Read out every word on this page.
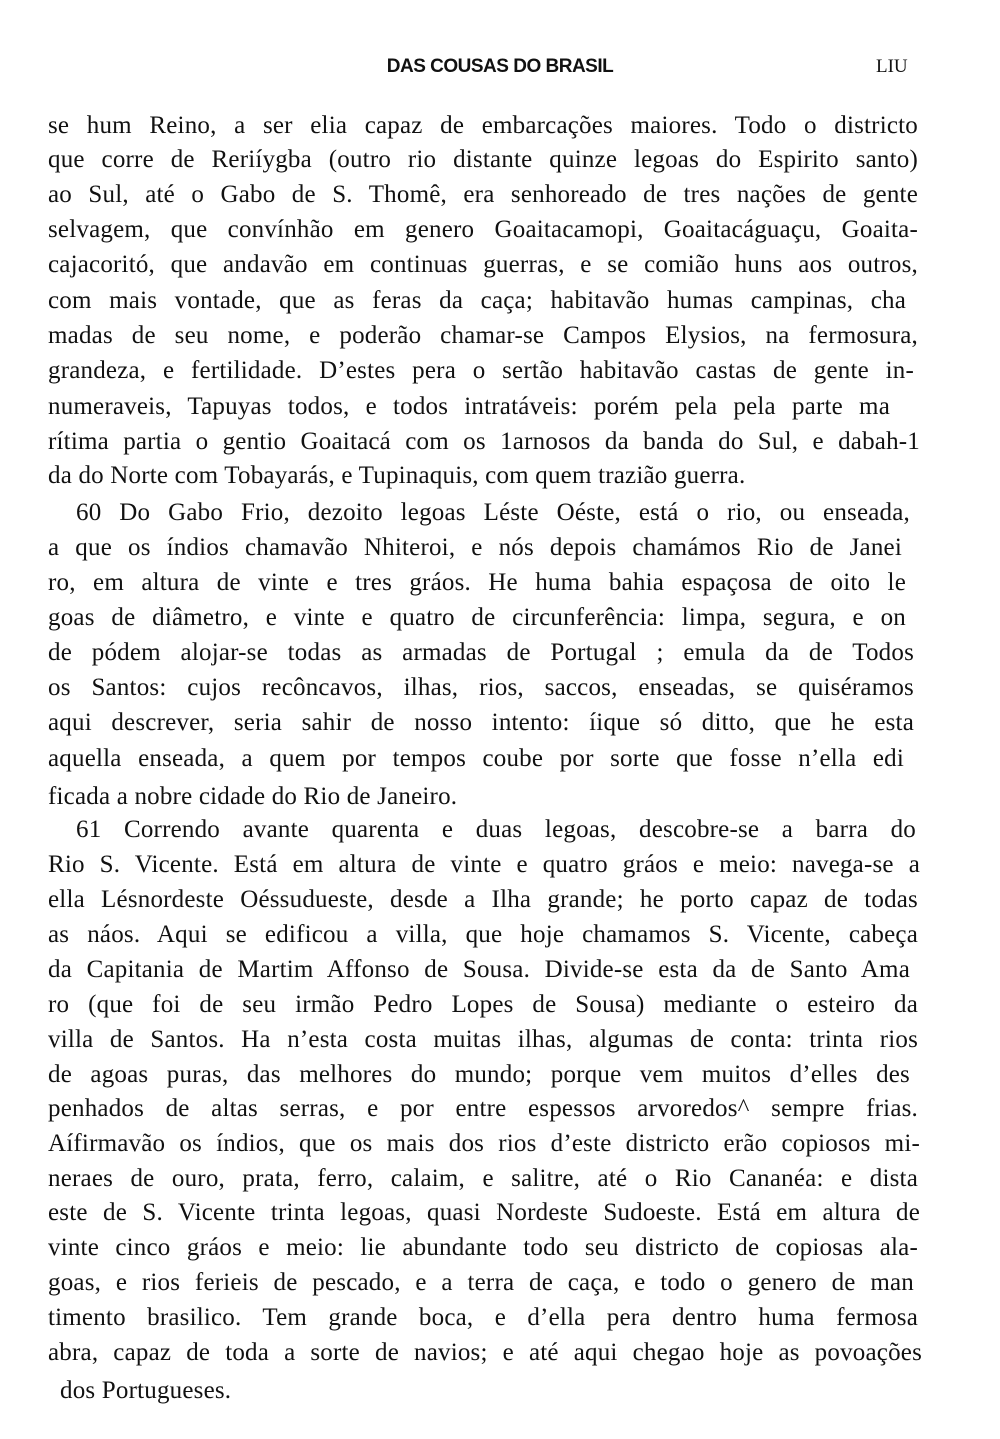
DAS COUSAS DO BRASIL	LIU
se hum Reino, a ser elia capaz de embarcações maiores. Todo o districto
que corre de Reriíygba (outro rio distante quinze legoas do Espirito santo)
ao Sul, até o Gabo de S. Thomê, era senhoreado de tres nações de gente
selvagem, que convínhão em genero Goaitacamopi, Goaitacáguaçu, Goaita-
cajacoritó, que andavão em continuas guerras, e se comião huns aos outros,
com mais vontade, que as feras da caça; habitavão humas campinas, cha
madas de seu nome, e poderão chamar-se Campos Elysios, na fermosura,
grandeza, e fertilidade. D’estes pera o sertão habitavão castas de gente in-
numeraveis, Tapuyas todos, e todos intratáveis: porém pela pela parte ma
rítima partia o gentio Goaitacá com os 1arnosos da banda do Sul, e dabah-1
da do Norte com Tobayarás, e Tupinaquis, com quem trazião guerra.
60 Do Gabo Frio, dezoito legoas Léste Oéste, está o rio, ou enseada,
a que os índios chamavão Nhiteroi, e nós depois chamámos Rio de Janei
ro, em altura de vinte e tres gráos. He huma bahia espaçosa de oito le
goas de diâmetro, e vinte e quatro de circunferência: limpa, segura, e on
de pódem alojar-se todas as armadas de Portugal ; emula da de Todos
os Santos: cujos recôncavos, ilhas, rios, saccos, enseadas, se quiséramos
aqui descrever, seria sahir de nosso intento: íique só ditto, que he esta
aquella enseada, a quem por tempos coube por sorte que fosse n’ella edi
ficada a nobre cidade do Rio de Janeiro.
61 Correndo avante quarenta e duas legoas, descobre-se a barra do
Rio S. Vicente. Está em altura de vinte e quatro gráos e meio: navega-se a
ella Lésnordeste Oéssudueste, desde a Ilha grande; he porto capaz de todas
as náos. Aqui se edificou a villa, que hoje chamamos S. Vicente, cabeça
da Capitania de Martim Affonso de Sousa. Divide-se esta da de Santo Ama
ro (que foi de seu irmão Pedro Lopes de Sousa) mediante o esteiro da
villa de Santos. Ha n’esta costa muitas ilhas, algumas de conta: trinta rios
de agoas puras, das melhores do mundo; porque vem muitos d’elles des
penhados de altas serras, e por entre espessos arvoredos^ sempre frias.
Aífirmavão os índios, que os mais dos rios d’este districto erão copiosos mi-
neraes de ouro, prata, ferro, calaim, e salitre, até o Rio Cananéa: e dista
este de S. Vicente trinta legoas, quasi Nordeste Sudoeste. Está em altura de
vinte cinco gráos e meio: lie abundante todo seu districto de copiosas ala-
goas, e rios ferieis de pescado, e a terra de caça, e todo o genero de man
timento brasilico. Tem grande boca, e d’ella pera dentro huma fermosa
abra, capaz de toda a sorte de navios; e até aqui chegao hoje as povoações
dos Portugueses.
